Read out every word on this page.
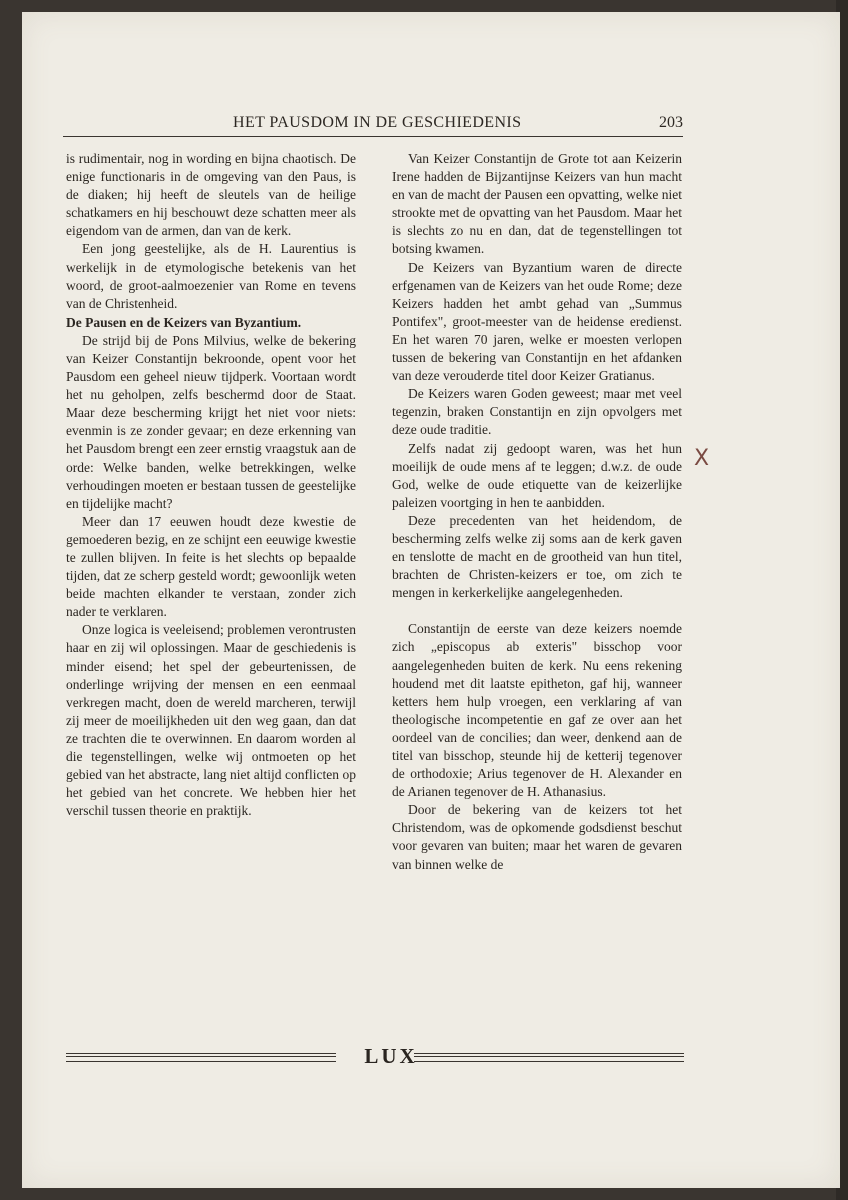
HET PAUSDOM IN DE GESCHIEDENIS	203

is rudimentair, nog in wording en bijna chaotisch. De enige functionaris in de omgeving van den Paus, is de diaken; hij heeft de sleutels van de heilige schatkamers en hij beschouwt deze schatten meer als eigendom van de armen, dan van de kerk.

Een jong geestelijke, als de H. Laurentius is werkelijk in de etymologische betekenis van het woord, de groot-aalmoezenier van Rome en tevens van de Christenheid.

De Pausen en de Keizers van Byzantium.

De strijd bij de Pons Milvius, welke de bekering van Keizer Constantijn bekroonde, opent voor het Pausdom een geheel nieuw tijdperk. Voortaan wordt het nu geholpen, zelfs beschermd door de Staat. Maar deze bescherming krijgt het niet voor niets: evenmin is ze zonder gevaar; en deze erkenning van het Pausdom brengt een zeer ernstig vraagstuk aan de orde: Welke banden, welke betrekkingen, welke verhoudingen moeten er bestaan tussen de geestelijke en tijdelijke macht?

Meer dan 17 eeuwen houdt deze kwestie de gemoederen bezig, en ze schijnt een eeuwige kwestie te zullen blijven. In feite is het slechts op bepaalde tijden, dat ze scherp gesteld wordt; gewoonlijk weten beide machten elkander te verstaan, zonder zich nader te verklaren.

Onze logica is veeleisend; problemen verontrusten haar en zij wil oplossingen. Maar de geschiedenis is minder eisend; het spel der gebeurtenissen, de onderlinge wrijving der mensen en een eenmaal verkregen macht, doen de wereld marcheren, terwijl zij meer de moeilijkheden uit den weg gaan, dan dat ze trachten die te overwinnen. En daarom worden al die tegenstellingen, welke wij ontmoeten op het gebied van het abstracte, lang niet altijd conflicten op het gebied van het concrete. We hebben hier het verschil tussen theorie en praktijk.

Van Keizer Constantijn de Grote tot aan Keizerin Irene hadden de Bijzantijnse Keizers van hun macht en van de macht der Pausen een opvatting, welke niet strookte met de opvatting van het Pausdom. Maar het is slechts zo nu en dan, dat de tegenstellingen tot botsing kwamen.

De Keizers van Byzantium waren de directe erfgenamen van de Keizers van het oude Rome; deze Keizers hadden het ambt gehad van „Summus Pontifex", groot-meester van de heidense eredienst. En het waren 70 jaren, welke er moesten verlopen tussen de bekering van Constantijn en het afdanken van deze verouderde titel door Keizer Gratianus.

De Keizers waren Goden geweest; maar met veel tegenzin, braken Constantijn en zijn opvolgers met deze oude traditie.

Zelfs nadat zij gedoopt waren, was het hun moeilijk de oude mens af te leggen; d.w.z. de oude God, welke de oude etiquette van de keizerlijke paleizen voortging in hen te aanbidden.

Deze precedenten van het heidendom, de bescherming zelfs welke zij soms aan de kerk gaven en tenslotte de macht en de grootheid van hun titel, brachten de Christen-keizers er toe, om zich te mengen in kerkerkelijke aangelegenheden.

Constantijn de eerste van deze keizers noemde zich „episcopus ab exteris" bisschop voor aangelegenheden buiten de kerk. Nu eens rekening houdend met dit laatste epitheton, gaf hij, wanneer ketters hem hulp vroegen, een verklaring af van theologische incompetentie en gaf ze over aan het oordeel van de concilies; dan weer, denkend aan de titel van bisschop, steunde hij de ketterij tegenover de orthodoxie; Arius tegenover de H. Alexander en de Arianen tegenover de H. Athanasius.

Door de bekering van de keizers tot het Christendom, was de opkomende godsdienst beschut voor gevaren van buiten; maar het waren de gevaren van binnen welke de

X
LUX
